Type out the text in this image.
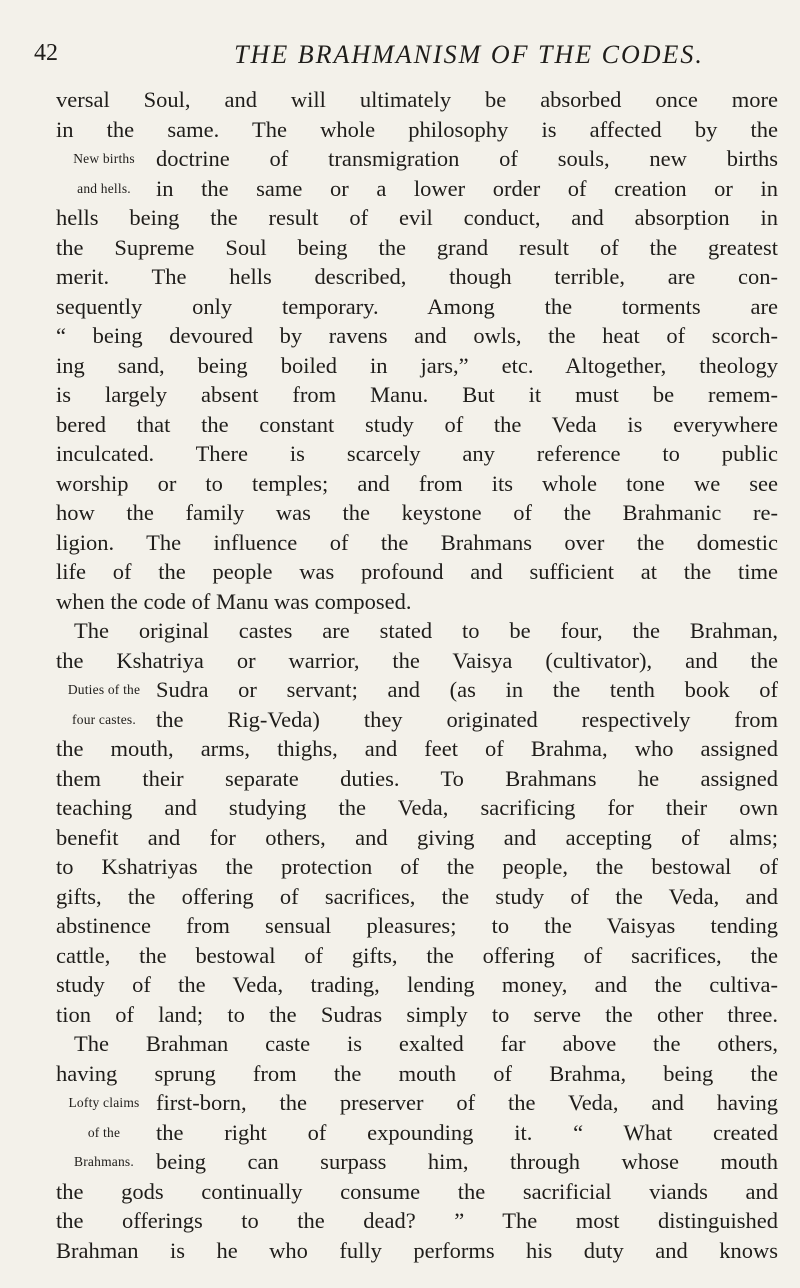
42	THE BRAHMANISM OF THE CODES.
versal Soul, and will ultimately be absorbed once more
in the same. The whole philosophy is affected by the
New births doctrine of transmigration of souls, new births
and hells.	in the same or a lower order of creation or in
hells being the result of evil conduct, and absorption in
the Supreme Soul being the grand result of the greatest
merit. The hells described, though terrible, are con-
sequently only temporary. Among the torments are
“ being devoured by ravens and owls, the heat of scorch-
ing sand, being boiled in jars,” etc. Altogether, theology
is largely absent from Manu. But it must be remem-
bered that the constant study of the Veda is everywhere
inculcated. There is scarcely any reference to public
worship or to temples; and from its whole tone we see
how the family was the keystone of the Brahmanic re-
ligion. The influence of the Brahmans over the domestic
life of the people was profound and sufficient at the time
when the code of Manu was composed.
The original castes are stated to be four, the Brahman,
the Kshatriya or warrior, the Vaisya (cultivator), and the
Duties of the Sudra or servant; and (as in the tenth book of
four castes. the Rig-Veda) they originated respectively from
the mouth, arms, thighs, and feet of Brahma, who assigned
them their separate duties. To Brahmans he assigned
teaching and studying the Veda, sacrificing for their own
benefit and for others, and giving and accepting of alms;
to Kshatriyas the protection of the people, the bestowal of
gifts, the offering of sacrifices, the study of the Veda, and
abstinence from sensual pleasures; to the Vaisyas tending
cattle, the bestowal of gifts, the offering of sacrifices, the
study of the Veda, trading, lending money, and the cultiva-
tion of land; to the Sudras simply to serve the other three.
The Brahman caste is exalted far above the others,
having sprung from the mouth of Brahma, being the
Lofty claims first-born, the preserver of the Veda, and having
of the	the right of expounding it. “ What created
Brahmans. being can surpass him, through whose mouth
the gods continually consume the sacrificial viands and
the offerings to the dead? ” The most distinguished
Brahman is he who fully performs his duty and knows
